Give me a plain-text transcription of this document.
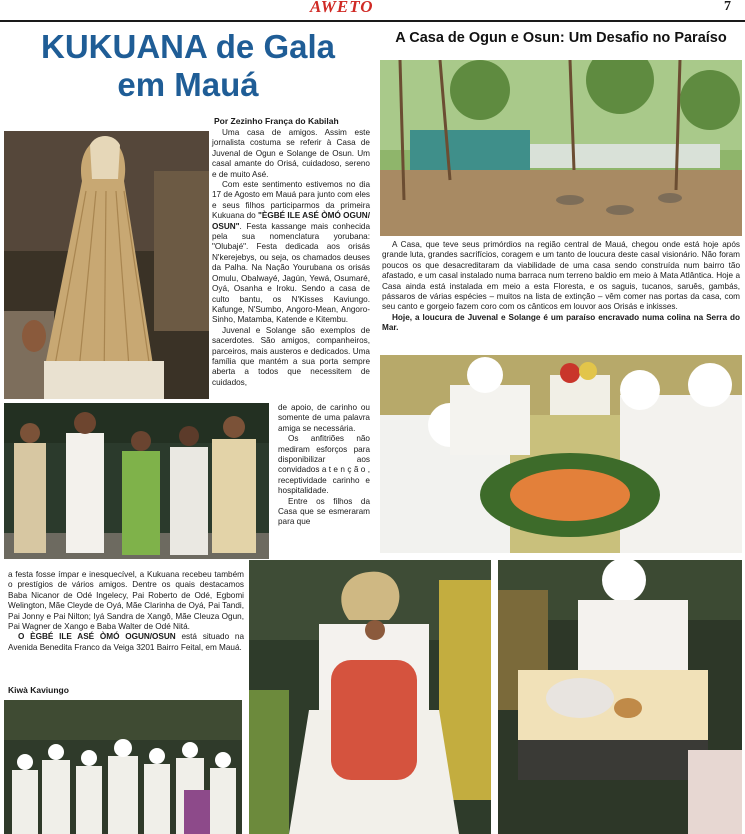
AWETO	7
KUKUANA de Gala
em Mauá
A Casa de Ogun e Osun: Um Desafio no Paraíso
Por Zezinho França do Kabilah

Uma casa de amigos. Assim este jornalista costuma se referir à Casa de Juvenal de Ogun e Solange de Osun. Um casal amante do Orisá, cuidadoso, sereno e de muito Asé.

Com este sentimento estivemos no dia 17 de Agosto em Mauá para junto com eles e seus filhos participarmos da primeira Kukuana do "ÈGBÉ ILE ASÉ ÒMÓ OGUN/ OSUN". Festa kassange mais conhecida pela sua nomenclatura yorubana: "Olubajé". Festa dedicada aos orisás N'kerejebys, ou seja, os chamados deuses da Palha. Na Nação Yourubana os orisás Omulu, Obalwayé, Jagún, Yewá, Osumaré, Oyá, Osanha e Iroku. Sendo a casa de culto bantu, os N'Kisses Kaviungo. Kafunge, N'Sumbo, Angoro-Mean, Angoro-Sinho, Matamba, Katende e Kitembu.

Juvenal e Solange são exemplos de sacerdotes. São amigos, companheiros, parceiros, mais austeros e dedicados. Uma família que mantém a sua porta sempre aberta a todos que necessitem de cuidados,

de apoio, de carinho ou somente de uma palavra amiga se necessária.

Os anfitriões não mediram esforços para disponibilizar aos convidados a t e n ç ã o , receptividade carinho e hospitalidade.

Entre os filhos da Casa que se esmeraram para que

a festa fosse ímpar e inesquecível, a Kukuana recebeu também o prestígios de vários amigos. Dentre os quais destacamos Baba Nicanor de Odé Ingelecy, Pai Roberto de Odé, Egbomi Welington, Mãe Cleyde de Oyá, Mãe Clarinha de Oyá, Pai Tandi, Pai Jonny e Pai Nilton; Iyá Sandra de Xangô, Mãe Cleuza Ogun, Pai Wagner de Xango e Baba Walter de Odé Nitá.

O ÈGBÉ ILE ASÉ ÒMÓ OGUN/OSUN está situado na Avenida Benedita Franco da Veiga 3201 Bairro Feital, em Mauá.

Kiwà Kaviungo

A Casa, que teve seus primórdios na região central de Mauá, chegou onde está hoje após grande luta, grandes sacrifícios, coragem e um tanto de loucura deste casal visionário. Não foram poucos os que desacreditaram da viabilidade de uma casa sendo construída num bairro tão afastado, e um casal instalado numa barraca num terreno baldio em meio à Mata Atlântica. Hoje a Casa ainda está instalada em meio a esta Floresta, e os saguis, tucanos, saruês, gambás, pássaros de várias espécies – muitos na lista de extinção – vêm comer nas portas da casa, com seu canto e gorgeio fazem coro com os cânticos em louvor aos Orisás e inkisses.

Hoje, a loucura de Juvenal e Solange é um paraíso encravado numa colina na Serra do Mar.
